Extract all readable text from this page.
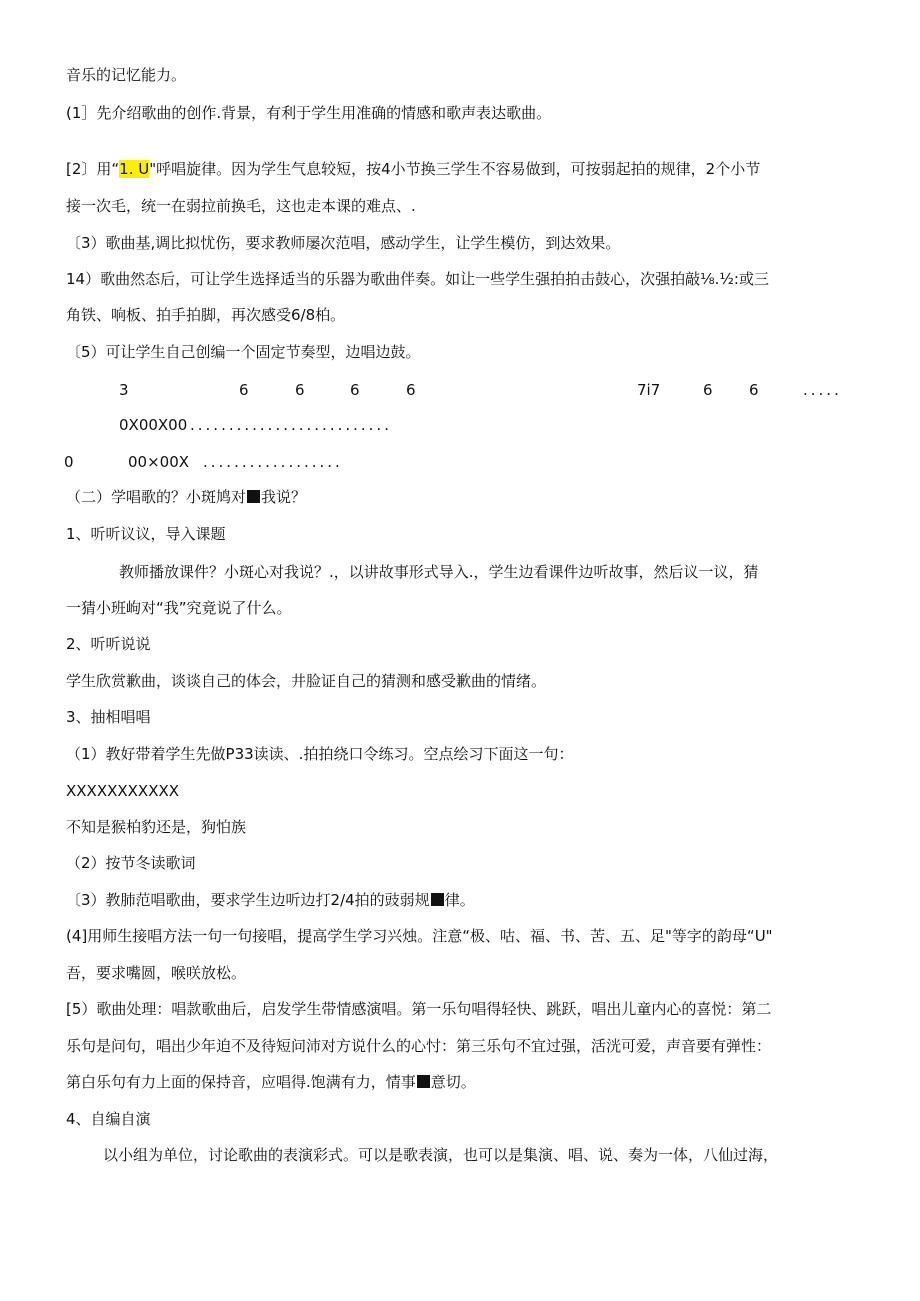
音乐的记忆能力。
(1］先介绍歌曲的创作.背景，有利于学生用准确的情感和歌声表达歌曲。
[2〕用“1. U"呼唱旋律。因为学生气息较短，按4小节换三学生不容易做到，可按弱起拍的规律，2个小节
接一次毛，统一在弱拉前换毛，这也走本课的难点、.
〔3）歌曲基,调比拟忧伤，要求教师屡次范唱，感动学生，让学生模仿，到达效果。
14）歌曲然态后，可让学生选择适当的乐器为歌曲伴奏。如让一些学生强拍拍击鼓心，次强拍敲⅛.½:或三
角铁、响板、拍手拍脚，再次感受6/8柏。
〔5）可让学生自己创编一个固定节奏型，边唱边鼓。
3	6	6	6	6	7i7	6 6	.....
0X00X00 ..........................
0	00×00X ..................
（二）学唱歌的？小斑鸠对 我说？
1、听听议议，导入课题
教师播放课件？小斑心对我说？.，以讲故事形式导入.，学生边看课件边听故事，然后议一议，猜
一猜小班岣对“我”究竟说了什么。
2、听听说说
学生欣赏歉曲，谈谈自己的体会，井脸证自己的猜测和感受歉曲的情绪。
3、抽相唱唱
（1）教好带着学生先做P33读读、.拍拍绕口令练习。空点绘习下面这一句：
XXXXXXXXXXX
不知是猴柏豹还是，狗怕族
（2）按节冬读歌词
〔3）教肺范唱歌曲，要求学生边听边打2/4拍的豉弱规 律。
(4]用师生接唱方法一句一句接唱，提高学生学习兴烛。注意“极、咕、福、书、苦、五、足"等字的韵母“U"
吾，要求嘴圆，喉咲放松。
[5）歌曲处理：唱款歌曲后，启发学生带情感演唱。第一乐句唱得轻快、跳跃，唱出儿童内心的喜悦：第二
乐句是问句，唱出少年迫不及待短问沛对方说什么的心忖：第三乐句不宜过强，活洸可爱，声音要有弹性：
第白乐句有力上面的保持音，应唱得.饱满有力，情事 意切。
4、自编自演
以小组为单位，讨论歌曲的表演彩式。可以是歌表演，也可以是集演、唱、说、奏为一体，八仙过海，
